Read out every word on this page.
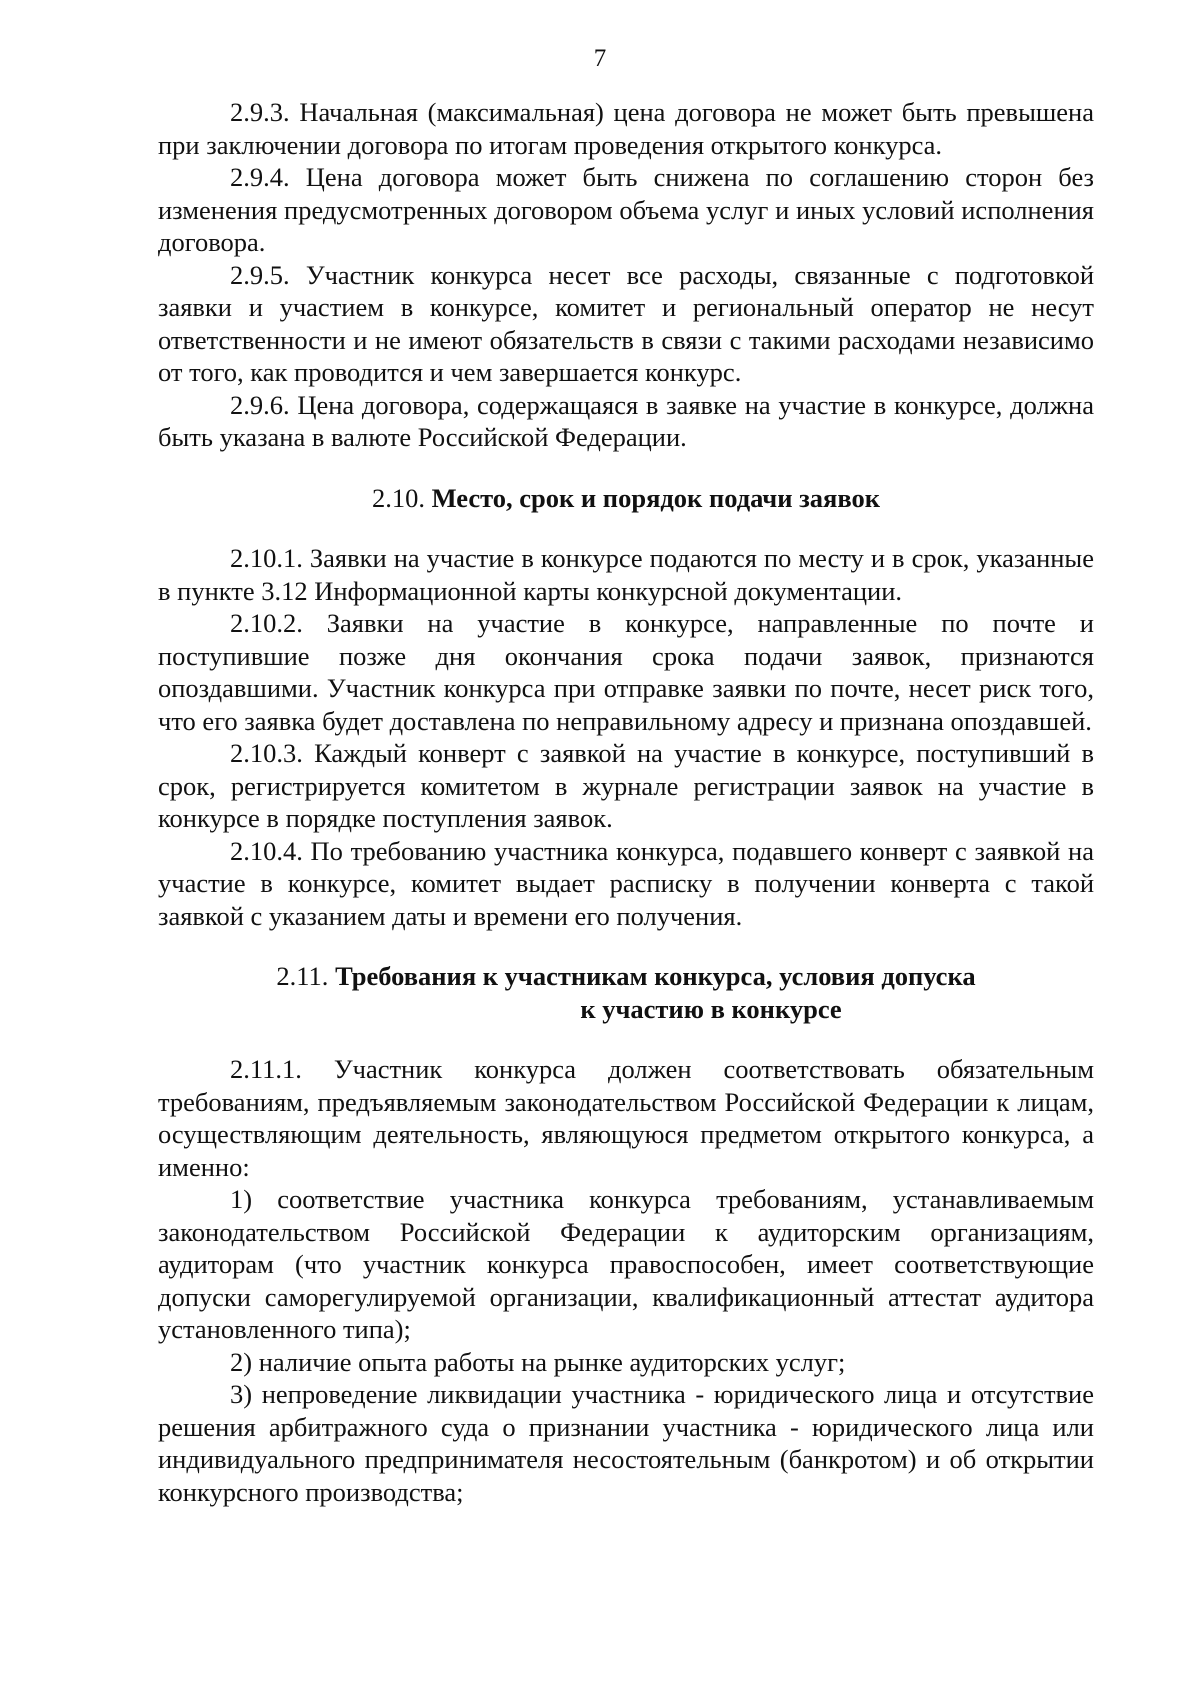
7

2.9.3. Начальная (максимальная) цена договора не может быть превышена при заключении договора по итогам проведения открытого конкурса.

2.9.4. Цена договора может быть снижена по соглашению сторон без изменения предусмотренных договором объема услуг и иных условий исполнения договора.

2.9.5. Участник конкурса несет все расходы, связанные с подготовкой заявки и участием в конкурсе, комитет и региональный оператор не несут ответственности и не имеют обязательств в связи с такими расходами независимо от того, как проводится и чем завершается конкурс.

2.9.6. Цена договора, содержащаяся в заявке на участие в конкурсе, должна быть указана в валюте Российской Федерации.

2.10. Место, срок и порядок подачи заявок

2.10.1. Заявки на участие в конкурсе подаются по месту и в срок, указанные в пункте 3.12 Информационной карты конкурсной документации.

2.10.2. Заявки на участие в конкурсе, направленные по почте и поступившие позже дня окончания срока подачи заявок, признаются опоздавшими. Участник конкурса при отправке заявки по почте, несет риск того, что его заявка будет доставлена по неправильному адресу и признана опоздавшей.

2.10.3. Каждый конверт с заявкой на участие в конкурсе, поступивший в срок, регистрируется комитетом в журнале регистрации заявок на участие в конкурсе в порядке поступления заявок.

2.10.4. По требованию участника конкурса, подавшего конверт с заявкой на участие в конкурсе, комитет выдает расписку в получении конверта с такой заявкой с указанием даты и времени его получения.

2.11. Требования к участникам конкурса, условия допуска
к участию в конкурсе

2.11.1. Участник конкурса должен соответствовать обязательным требованиям, предъявляемым законодательством Российской Федерации к лицам, осуществляющим деятельность, являющуюся предметом открытого конкурса, а именно:

1) соответствие участника конкурса требованиям, устанавливаемым законодательством Российской Федерации к аудиторским организациям, аудиторам (что участник конкурса правоспособен, имеет соответствующие допуски саморегулируемой организации, квалификационный аттестат аудитора установленного типа);

2) наличие опыта работы на рынке аудиторских услуг;

3) непроведение ликвидации участника - юридического лица и отсутствие решения арбитражного суда о признании участника - юридического лица или индивидуального предпринимателя несостоятельным (банкротом) и об открытии конкурсного производства;
